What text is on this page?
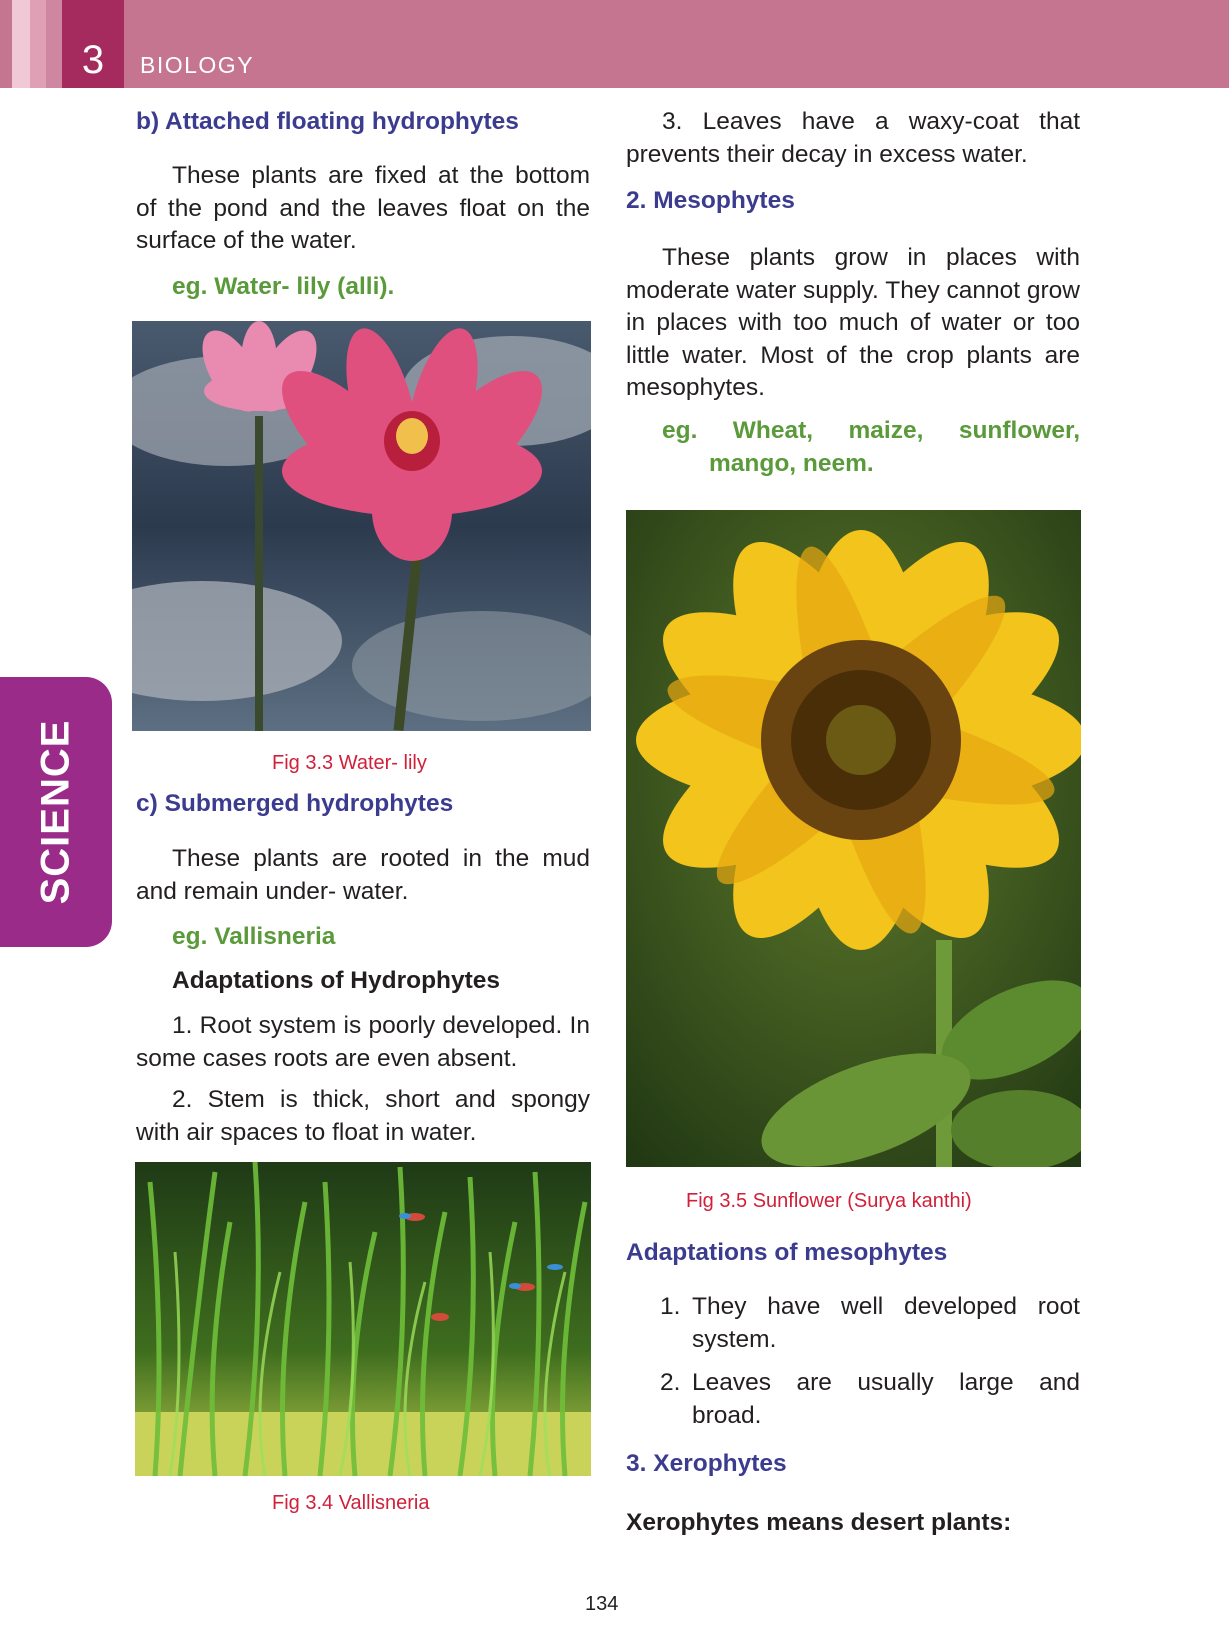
3	BIOLOGY
SCIENCE
b) Attached floating hydrophytes

These plants are fixed at the bottom of the pond and the leaves float on the surface of the water.

eg. Water- lily (alli).
Fig 3.3 Water- lily
c) Submerged hydrophytes

These plants are rooted in the mud and remain under- water.

eg. Vallisneria
Adaptations of Hydrophytes

1. Root system is poorly developed. In some cases roots are even absent.

2. Stem is thick, short and spongy with air spaces to float in water.

Fig 3.4 Vallisneria

3. Leaves have a waxy-coat that prevents their decay in excess water.

2. Mesophytes

These plants grow in places with moderate water supply. They cannot grow in places with too much of water or too little water. Most of the crop plants are mesophytes.

eg. Wheat, maize, sunflower, mango, neem.
Fig 3.5 Sunflower (Surya kanthi)
Adaptations of mesophytes
1. They have well developed root system.

2. Leaves are usually large and broad.

3. Xerophytes
Xerophytes means desert plants:
134
